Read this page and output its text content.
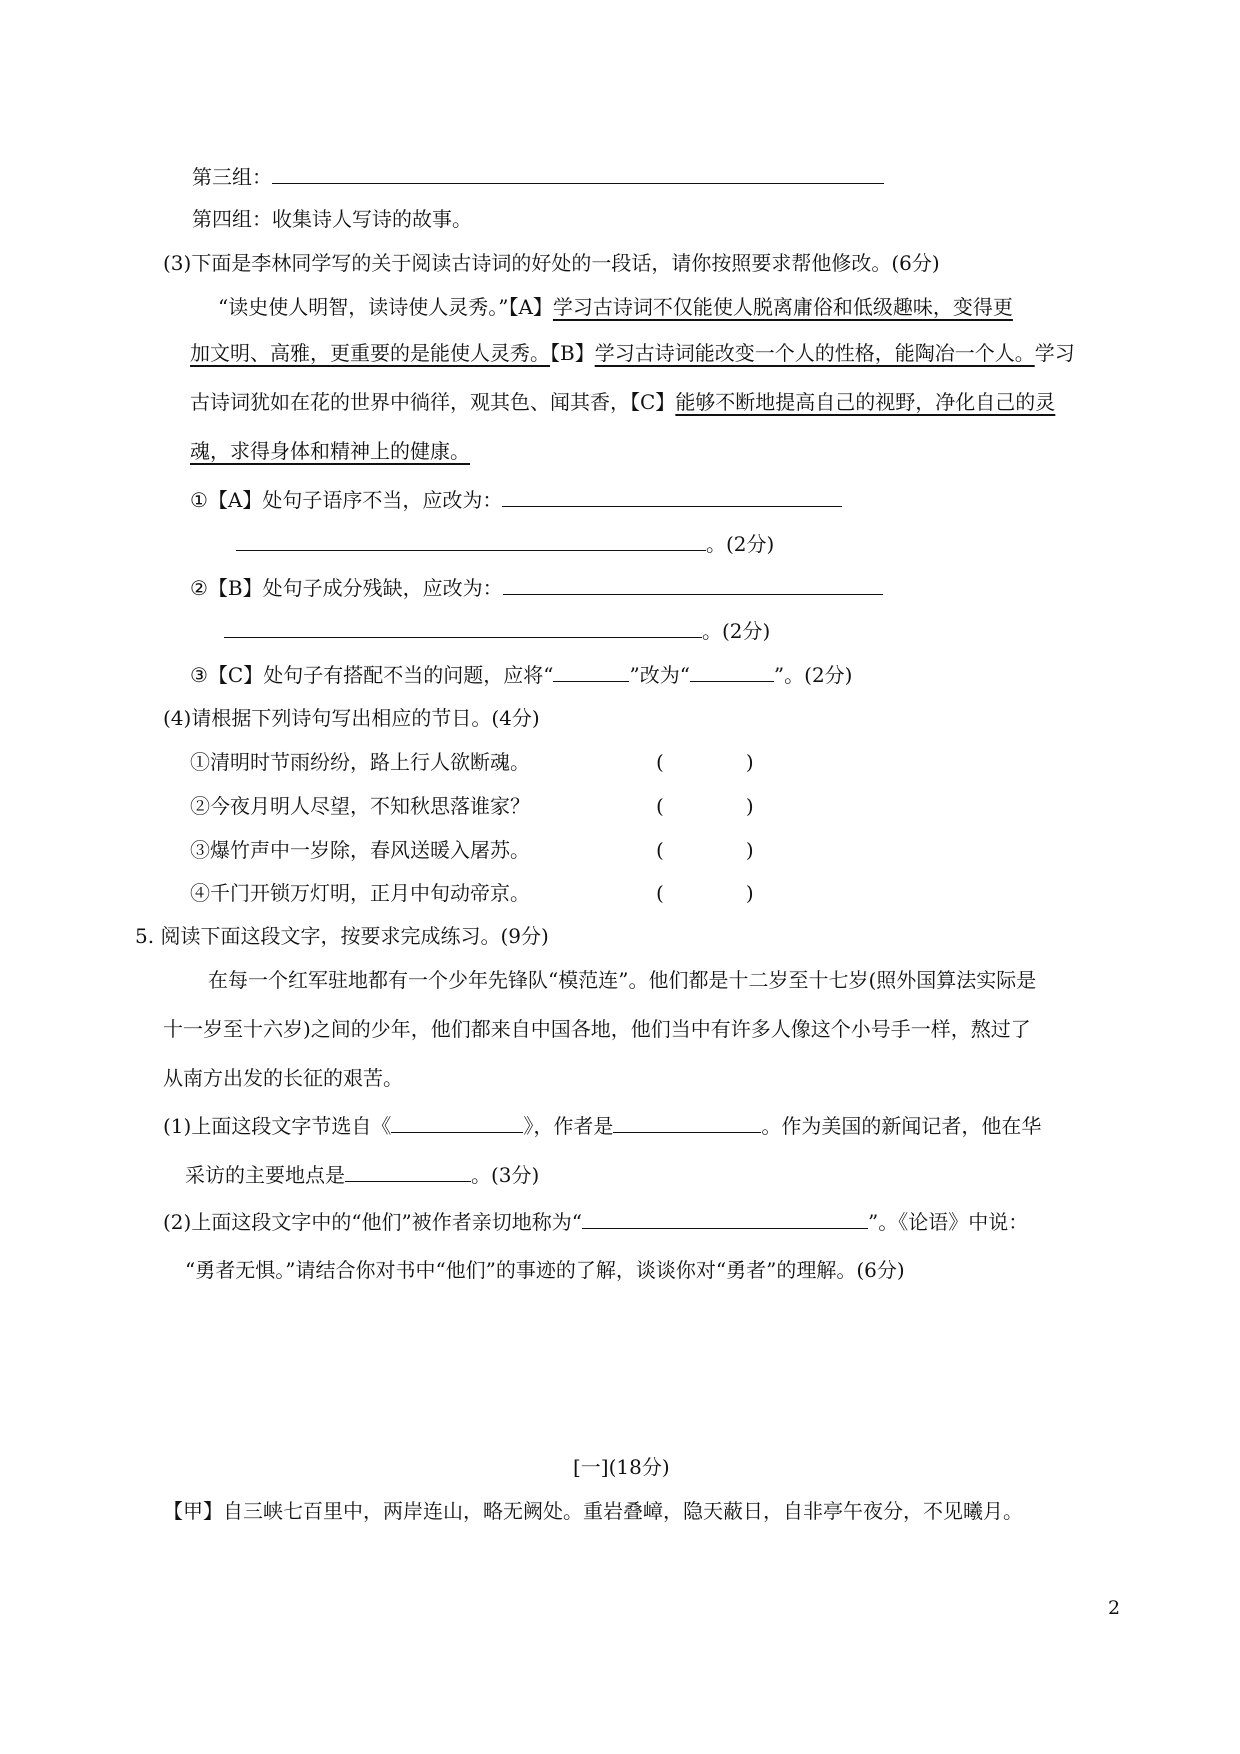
第三组：
第四组：收集诗人写诗的故事。
(3)下面是李林同学写的关于阅读古诗词的好处的一段话，请你按照要求帮他修改。(6分)
“读史使人明智，读诗使人灵秀。”【A】学习古诗词不仅能使人脱离庸俗和低级趣味，变得更
加文明、高雅，更重要的是能使人灵秀。【B】学习古诗词能改变一个人的性格，能陶冶一个人。学习
古诗词犹如在花的世界中徜徉，观其色、闻其香，【C】能够不断地提高自己的视野，净化自己的灵
魂，求得身体和精神上的健康。
①【A】处句子语序不当，应改为：
。(2分)
②【B】处句子成分残缺，应改为：
。(2分)
③【C】处句子有搭配不当的问题，应将“	”改为“	”。(2分)
(4)请根据下列诗句写出相应的节日。(4分)
①清明时节雨纷纷，路上行人欲断魂。	(	)
②今夜月明人尽望，不知秋思落谁家？	(	)
③爆竹声中一岁除，春风送暖入屠苏。	(	)
④千门开锁万灯明，正月中旬动帝京。	(	)
5. 阅读下面这段文字，按要求完成练习。(9分)
在每一个红军驻地都有一个少年先锋队“模范连”。他们都是十二岁至十七岁(照外国算法实际是
十一岁至十六岁)之间的少年，他们都来自中国各地，他们当中有许多人像这个小号手一样，熬过了
从南方出发的长征的艰苦。
(1)上面这段文字节选自《	》，作者是	。作为美国的新闻记者，他在华
采访的主要地点是	。(3分)
(2)上面这段文字中的“他们”被作者亲切地称为“	”。《论语》中说：
“勇者无惧。”请结合你对书中“他们”的事迹的了解，谈谈你对“勇者”的理解。(6分)
[一](18分)
【甲】自三峡七百里中，两岸连山，略无阙处。重岩叠嶂，隐天蔽日，自非亭午夜分，不见曦月。
2
